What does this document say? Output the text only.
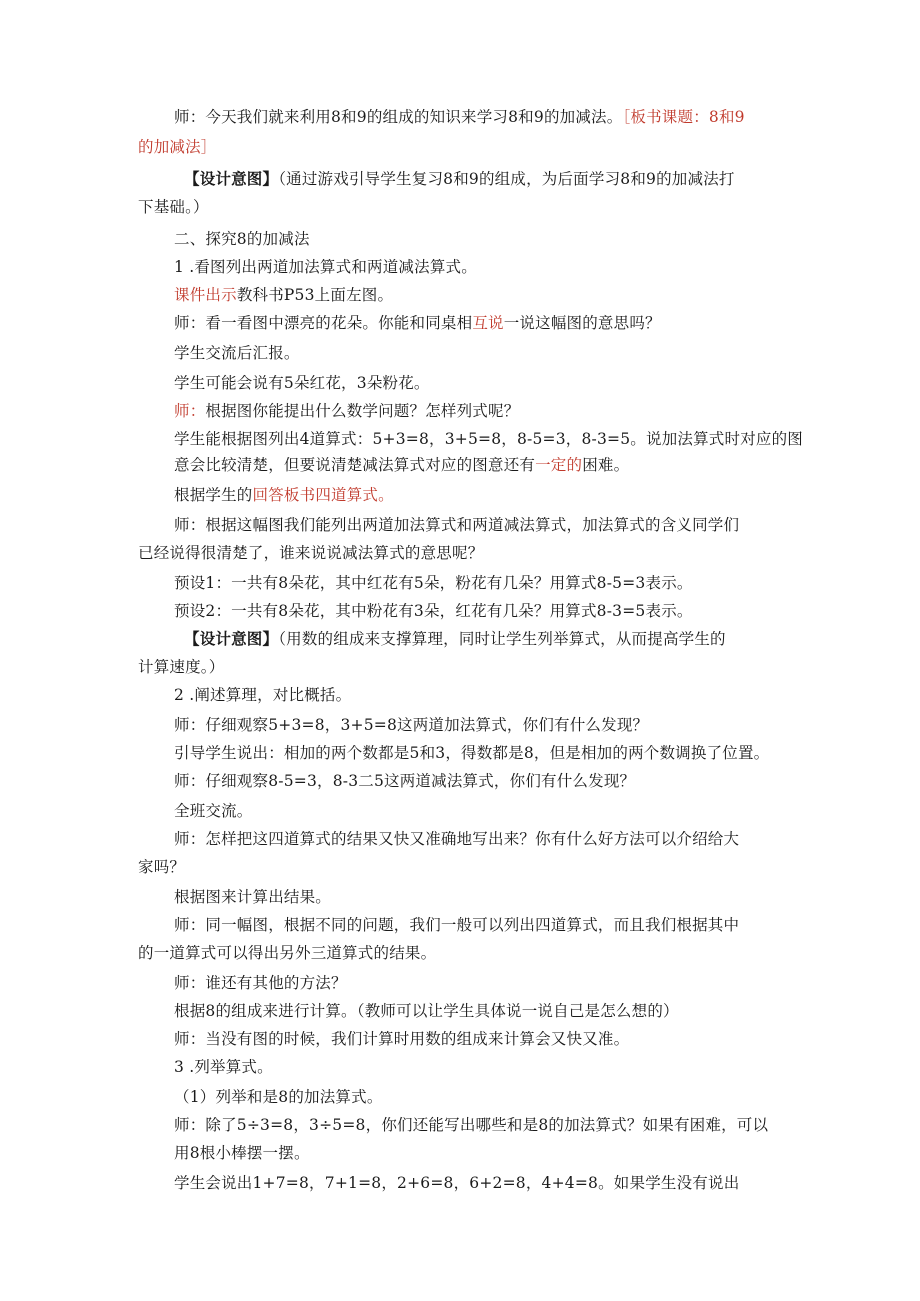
师：今天我们就来利用8和9的组成的知识来学习8和9的加减法。［板书课题：8和9
的加减法］
【设计意图】（通过游戏引导学生复习8和9的组成，为后面学习8和9的加减法打
下基础。）
二、探究8的加减法
1 .看图列出两道加法算式和两道减法算式。
课件出示教科书P53上面左图。
师：看一看图中漂亮的花朵。你能和同桌相互说一说这幅图的意思吗？
学生交流后汇报。
学生可能会说有5朵红花，3朵粉花。
师：根据图你能提出什么数学问题？怎样列式呢？
学生能根据图列出4道算式：5+3=8，3+5=8，8-5=3，8-3=5。说加法算式时对应的图
意会比较清楚，但要说清楚减法算式对应的图意还有一定的困难。
根据学生的回答板书四道算式。
师：根据这幅图我们能列出两道加法算式和两道减法算式，加法算式的含义同学们
已经说得很清楚了，谁来说说减法算式的意思呢？
预设1：一共有8朵花，其中红花有5朵，粉花有几朵？用算式8-5=3表示。
预设2：一共有8朵花，其中粉花有3朵，红花有几朵？用算式8-3=5表示。
【设计意图】（用数的组成来支撑算理，同时让学生列举算式，从而提高学生的
计算速度。）
2 .阐述算理，对比概括。
师：仔细观察5+3=8，3+5=8这两道加法算式，你们有什么发现？
引导学生说出：相加的两个数都是5和3，得数都是8，但是相加的两个数调换了位置。
师：仔细观察8-5=3，8-3二5这两道减法算式，你们有什么发现？
全班交流。
师：怎样把这四道算式的结果又快又准确地写出来？你有什么好方法可以介绍给大
家吗？
根据图来计算出结果。
师：同一幅图，根据不同的问题，我们一般可以列出四道算式，而且我们根据其中
的一道算式可以得出另外三道算式的结果。
师：谁还有其他的方法？
根据8的组成来进行计算。（教师可以让学生具体说一说自己是怎么想的）
师：当没有图的时候，我们计算时用数的组成来计算会又快又准。
3 .列举算式。
（1）列举和是8的加法算式。
师：除了5÷3=8，3÷5=8，你们还能写出哪些和是8的加法算式？如果有困难，可以
用8根小棒摆一摆。
学生会说出1+7=8，7+1=8，2+6=8，6+2=8，4+4=8。如果学生没有说出
